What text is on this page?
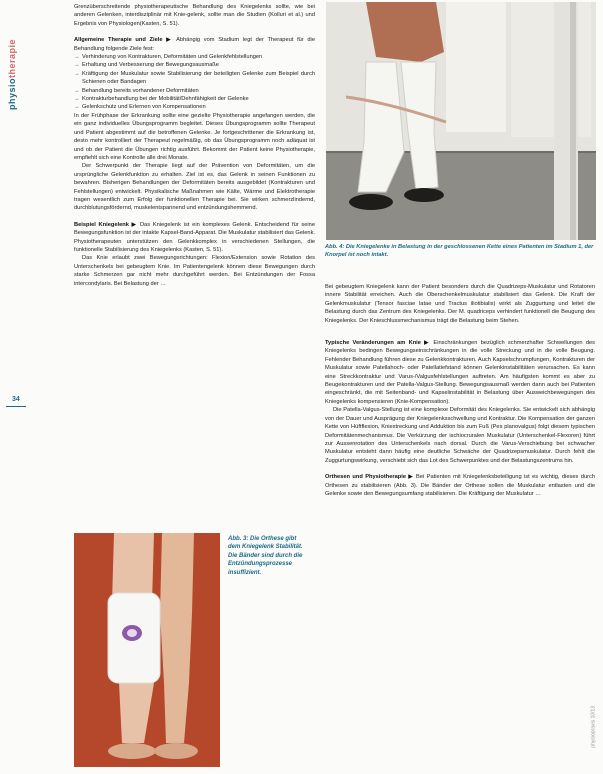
physiotherapie
34

Grenzüberschreitende physiotherapeutische Behandlung des Kniegelenks sollte, wie bei anderen Gelenken, interdisziplinär mit Knie-gelenk, sollte man die Studien (Kolluri et al.) und Ergebnis von Physiologen(Kasten, S. 51).

Allgemeine Therapie und Ziele ▶ Abhängig vom Stadium legt der Therapeut für die Behandlung folgende Ziele fest:

→ Verhinderung von Kontrakturen, Deformitäten und Gelenkfehlstellungen
→ Erhaltung und Verbesserung der Bewegungsausmaße
→ Kräftigung der Muskulatur sowie Stabilisierung der beteiligten Gelenke zum Beispiel durch Schienen oder Bandagen
→ Behandlung bereits vorhandener Deformitäten
→ Kontrakturbehandlung bei der Mobilität/Dehnfähigkeit der Gelenke
→ Gelenkschutz und Erlernen von Kompensationen

In der Frühphase der Erkrankung sollte eine gezielte Physiotherapie angefangen werden, die ein ganz individuelles Übungsprogramm begleitet. Dieses Übungsprogramm sollte Therapeut und Patient abgestimmt auf die betroffenen Gelenke. Je fortgeschrittener die Erkrankung ist, desto mehr kontrolliert der Therapeut regelmäßig, ob das Übungsprogramm noch adäquat ist und ob der Patient die Übungen richtig ausführt. Bekommt der Patient keine Physiotherapie, empfiehlt sich eine Kontrolle alle drei Monate.

Der Schwerpunkt der Therapie liegt auf der Prävention von Deformitäten, um die ursprüngliche Gelenkfunktion zu erhalten. Ziel ist es, das Gelenk in seinen Funktionen zu bewahren. Bisherigen Behandlungen der Deformitäten bereits ausgebildet (Kontrakturen und Fehlstellungen) entwickelt. Physikalische Maßnahmen wie Kälte, Wärme und Elektrotherapie tragen wesentlich zum Erfolg der funktionellen Therapie bei. Sie wirken schmerzlindernd, durchblutungsfördernd, muskelentspannend und entzündungshemmend.

Beispiel Kniegelenk ▶ Das Kniegelenk ist ein komplexes Gelenk. Entscheidend für seine Bewegungsfunktion ist der intakte Kapsel-Band-Apparat. Die Muskulatur stabilisiert das Gelenk. Physiotherapeuten unterstützen den Gelenkkomplex in verschiedenen Stellungen, die funktionelle Stabilisierung des Kniegelenks (Kasten, S. 51).

Das Knie erlaubt zwei Bewegungsrichtungen: Flexion/Extension sowie Rotation des Unterschenkels bei gebeugtem Knie. Im Patientengelenk können diese Bewegungen durch starke Schmerzen gar nicht mehr durchgeführt werden. Bei Entzündungen der Fossa intercondylaris. Bei Belastung der …

Abb. 4: Die Kniegelenke in Belastung in der geschlossenen Kette eines Patienten im Stadium 1, der Knorpel ist noch intakt.

Bei gebeugtem Kniegelenk kann der Patient besonders durch die Quadrizeps-Muskulatur und Rotatoren innere Stabilität erreichen. Auch die Oberschenkelmuskulatur stabilisiert das Gelenk. Die Kraft der Gelenkmuskulatur (Tensor fasciae latae und Tractus iliotibialis) wirkt als Zuggurtung und leitet die Belastung durch das Zentrum des Kniegelenks. Der M. quadriceps verhindert funktionell die Beugung des Kniegelenks. Der Knieschlussmechanismus trägt die Belastung beim Stehen.

Typische Veränderungen am Knie ▶ Einschränkungen bezüglich schmerzhafter Schwellungen des Kniegelenks bedingen Bewegungseinschränkungen in die volle Streckung und in die volle Beugung. Fehlender Behandlung führen diese zu Gelenkkontrakturen. Auch Kapselschrumpfungen, Kontrakturen der Muskulatur sowie Patellahoch- oder Patellatiefstand können Gelenkinstabilitäten verursachen. Es kann eine Streckkontraktur und Varus-/Valgusfehlstellungen auftreten. Am häufigsten kommt es aber zu Beugekontrakturen und der Patella-Valgus-Stellung. Bewegungsausmaß werden dann auch bei Patienten eingeschränkt, die mit Seitenband- und Kapselinstabilität in Belastung über Ausweichbewegungen des Kniegelenks kompensieren (Knie-Kompensation).

Die Patella-Valgus-Stellung ist eine komplexe Deformität des Kniegelenks. Sie entwickelt sich abhängig von der Dauer und Ausprägung der Kniegelenksschwellung und Kontraktur. Die Kompensation der ganzen Kette von Hüftflexion, Kniestreckung und Adduktion bis zum Fuß (Pes planovalgus) folgt diesem typischen Deformitätenmechanismus. Die Verkürzung der ischiocruralen Muskulatur (Unterschenkel-Flexoren) führt zur Aussenrotation des Unterschenkels nach dorsal. Durch die Varus-Verschiebung bei schwacher Muskulatur entsteht dann häufig eine deutliche Schwäche der Quadrizepsmuskulatur. Durch fehlt die Zuggurtungswirkung, verschiebt sich das Lot des Schwerpunktes und der Belastungszentrums hin.

Orthesen und Physiotherapie ▶ Bei Patienten mit Kniegelenksbeteiligung ist es wichtig, dieses durch Orthesen zu stabilisieren (Abb. 3). Die Bänder der Orthese sollen die Muskulatur entlasten und die Gelenke sowie den Bewegungsumfang stabilisieren. Die Kräftigung der Muskulatur …

Abb. 3: Die Orthese gibt dem Kniegelenk Stabilität. Die Bänder sind durch die Entzündungsprozesse insuffizient.
physiopraxis 10/13
